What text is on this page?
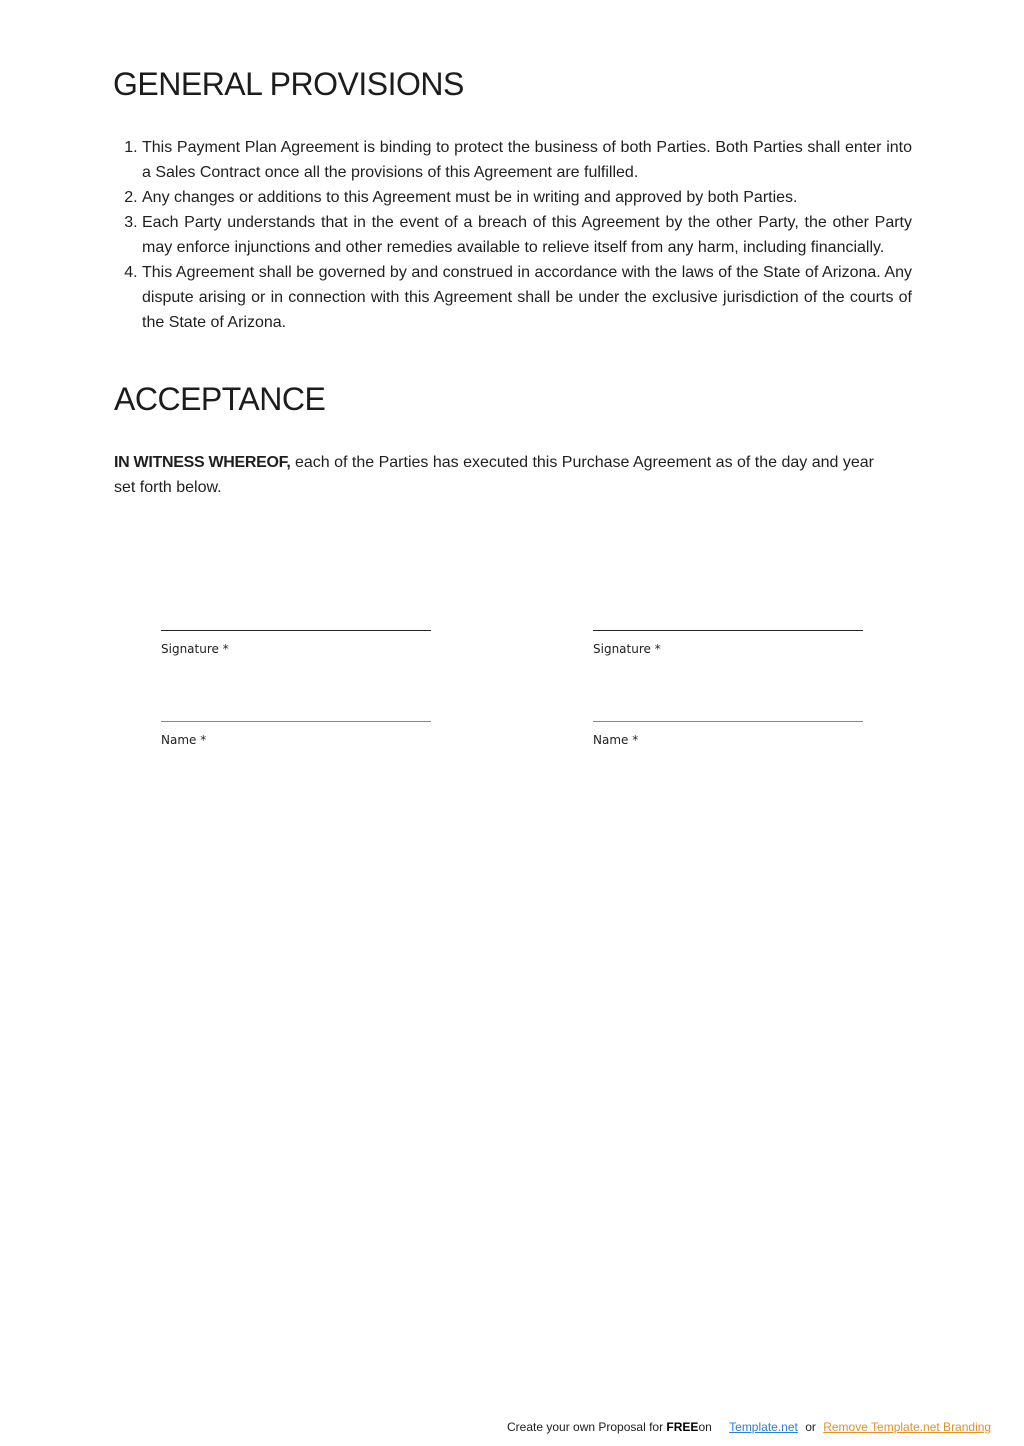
GENERAL PROVISIONS
1. This Payment Plan Agreement is binding to protect the business of both Parties. Both Parties shall enter into a Sales Contract once all the provisions of this Agreement are fulfilled.
2. Any changes or additions to this Agreement must be in writing and approved by both Parties.
3. Each Party understands that in the event of a breach of this Agreement by the other Party, the other Party may enforce injunctions and other remedies available to relieve itself from any harm, including financially.
4. This Agreement shall be governed by and construed in accordance with the laws of the State of Arizona. Any dispute arising or in connection with this Agreement shall be under the exclusive jurisdiction of the courts of the State of Arizona.
ACCEPTANCE

IN WITNESS WHEREOF, each of the Parties has executed this Purchase Agreement as of the day and year set forth below.

Signature *
Name *
Signature *
Name *
Create your own Proposal for FREEon Template.net or Remove Template.net Branding
